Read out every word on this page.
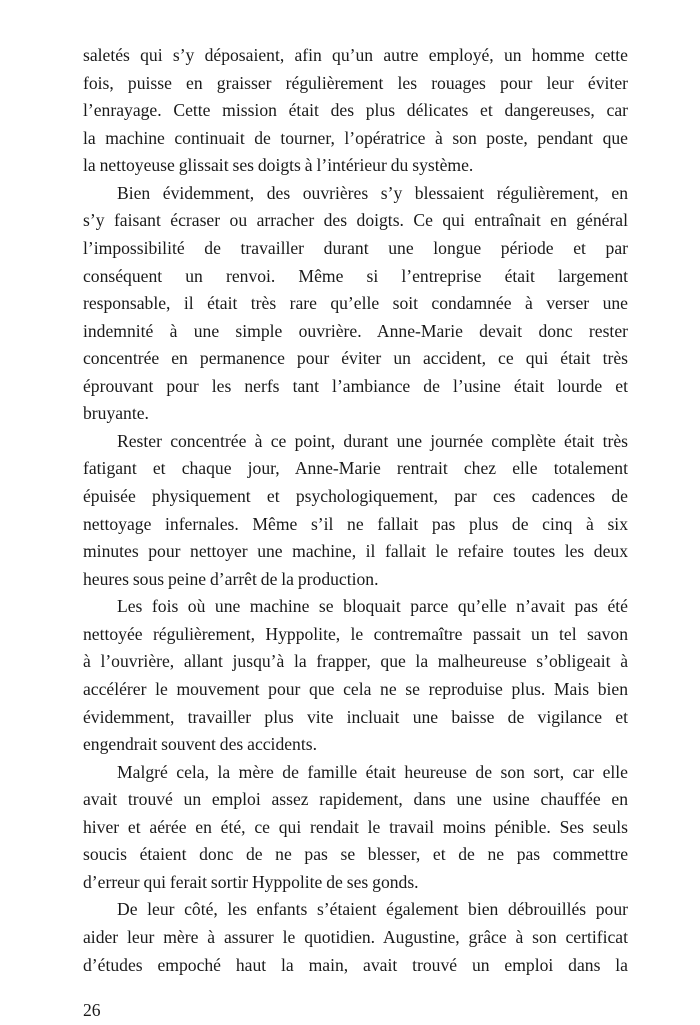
saletés qui s’y déposaient, afin qu’un autre employé, un homme cette
fois, puisse en graisser régulièrement les rouages pour leur éviter
l’enrayage. Cette mission était des plus délicates et dangereuses, car
la machine continuait de tourner, l’opératrice à son poste, pendant que
la nettoyeuse glissait ses doigts à l’intérieur du système.
Bien évidemment, des ouvrières s’y blessaient régulièrement, en
s’y faisant écraser ou arracher des doigts. Ce qui entraînait en général
l’impossibilité de travailler durant une longue période et par
conséquent un renvoi. Même si l’entreprise était largement
responsable, il était très rare qu’elle soit condamnée à verser une
indemnité à une simple ouvrière. Anne-Marie devait donc rester
concentrée en permanence pour éviter un accident, ce qui était très
éprouvant pour les nerfs tant l’ambiance de l’usine était lourde et
bruyante.
Rester concentrée à ce point, durant une journée complète était très
fatigant et chaque jour, Anne-Marie rentrait chez elle totalement
épuisée physiquement et psychologiquement, par ces cadences de
nettoyage infernales. Même s’il ne fallait pas plus de cinq à six
minutes pour nettoyer une machine, il fallait le refaire toutes les deux
heures sous peine d’arrêt de la production.
Les fois où une machine se bloquait parce qu’elle n’avait pas été
nettoyée régulièrement, Hyppolite, le contremaître passait un tel savon
à l’ouvrière, allant jusqu’à la frapper, que la malheureuse s’obligeait à
accélérer le mouvement pour que cela ne se reproduise plus. Mais bien
évidemment, travailler plus vite incluait une baisse de vigilance et
engendrait souvent des accidents.
Malgré cela, la mère de famille était heureuse de son sort, car elle
avait trouvé un emploi assez rapidement, dans une usine chauffée en
hiver et aérée en été, ce qui rendait le travail moins pénible. Ses seuls
soucis étaient donc de ne pas se blesser, et de ne pas commettre
d’erreur qui ferait sortir Hyppolite de ses gonds.
De leur côté, les enfants s’étaient également bien débrouillés pour
aider leur mère à assurer le quotidien. Augustine, grâce à son certificat
d’études empoché haut la main, avait trouvé un emploi dans la
26
